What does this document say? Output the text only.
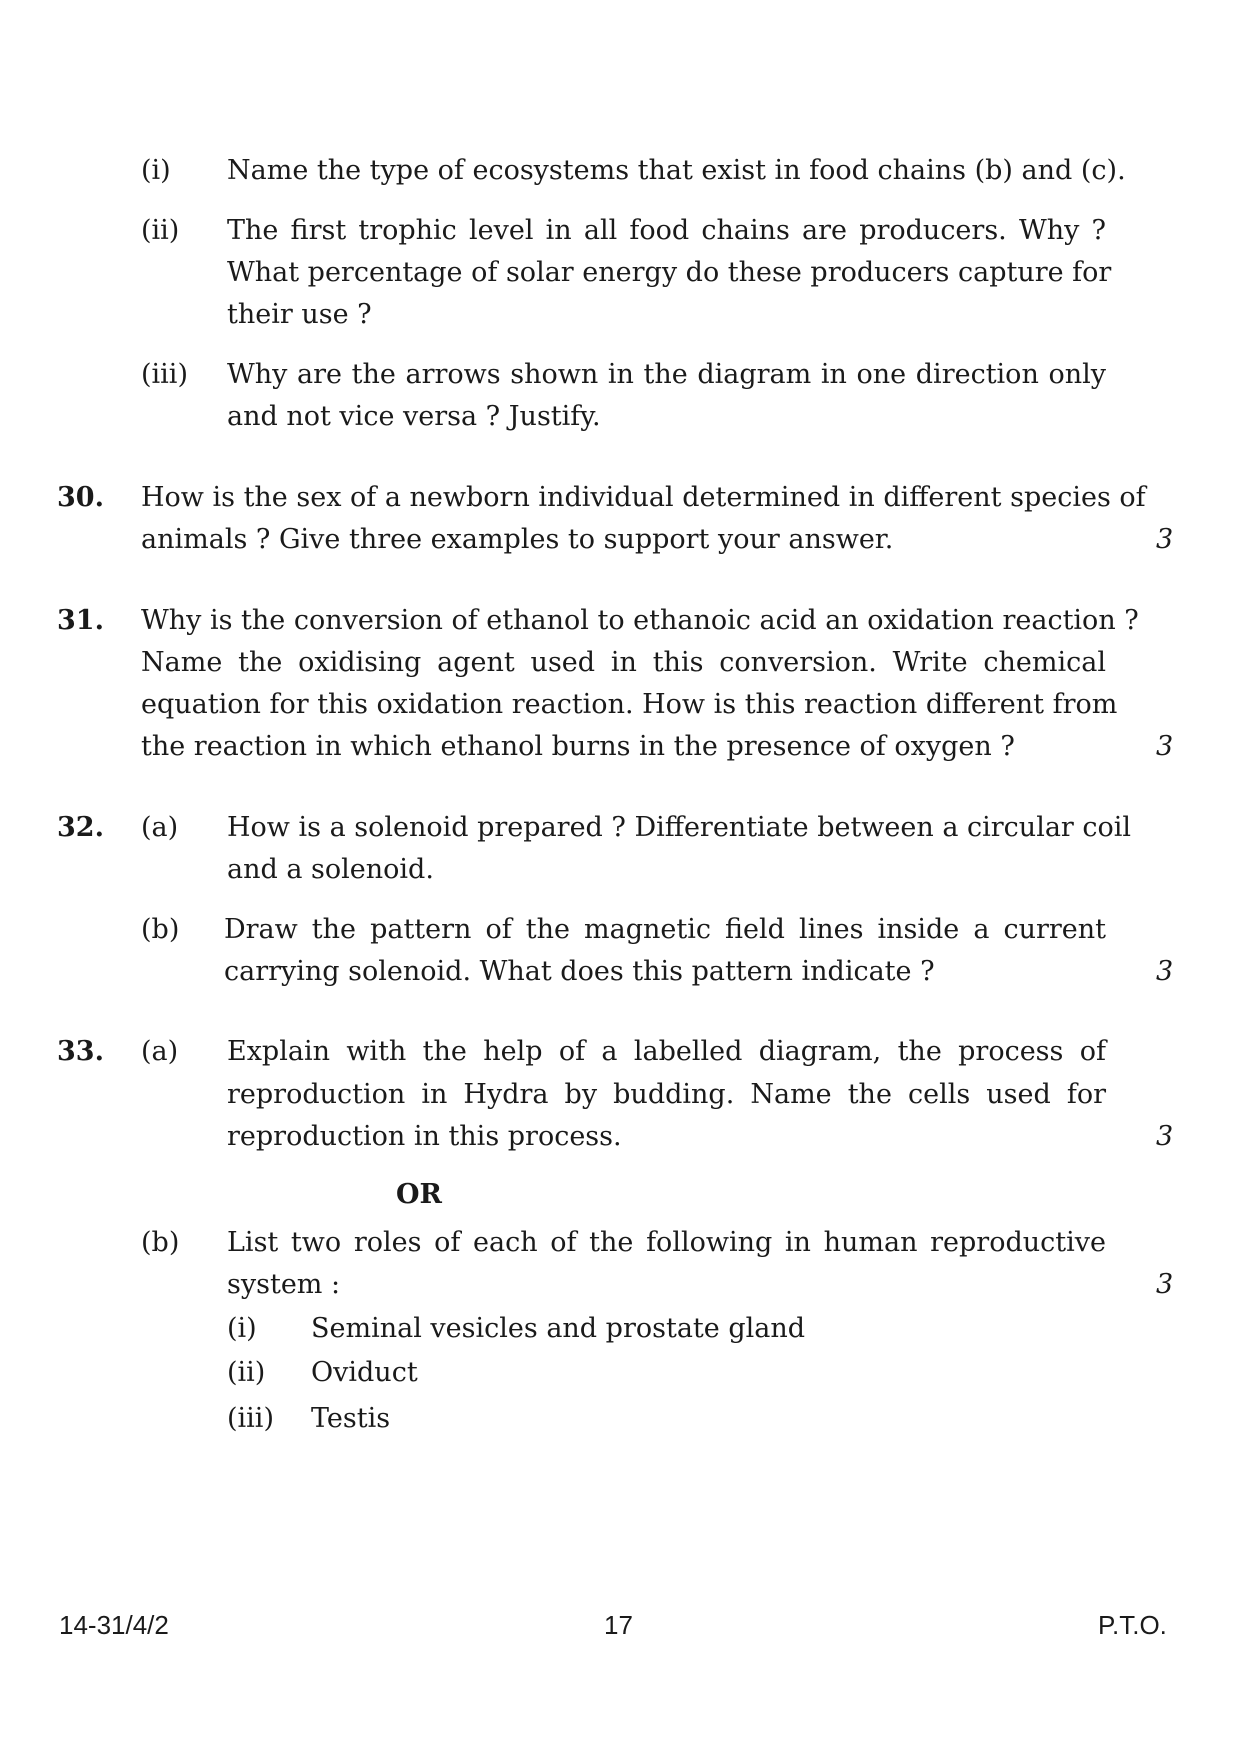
(i) Name the type of ecosystems that exist in food chains (b) and (c).
(ii) The first trophic level in all food chains are producers. Why ?
What percentage of solar energy do these producers capture for
their use ?
(iii) Why are the arrows shown in the diagram in one direction only
and not vice versa ? Justify.
30. How is the sex of a newborn individual determined in different species of
animals ? Give three examples to support your answer.	3
31. Why is the conversion of ethanol to ethanoic acid an oxidation reaction ?
Name the oxidising agent used in this conversion. Write chemical
equation for this oxidation reaction. How is this reaction different from
the reaction in which ethanol burns in the presence of oxygen ?	3
32. (a) How is a solenoid prepared ? Differentiate between a circular coil
and a solenoid.
(b) Draw the pattern of the magnetic field lines inside a current
carrying solenoid. What does this pattern indicate ?	3
33. (a) Explain with the help of a labelled diagram, the process of
reproduction in Hydra by budding. Name the cells used for
reproduction in this process.	3
OR
(b) List two roles of each of the following in human reproductive
system :	3
(i) Seminal vesicles and prostate gland
(ii) Oviduct
(iii) Testis
14-31/4/2	17	P.T.O.
